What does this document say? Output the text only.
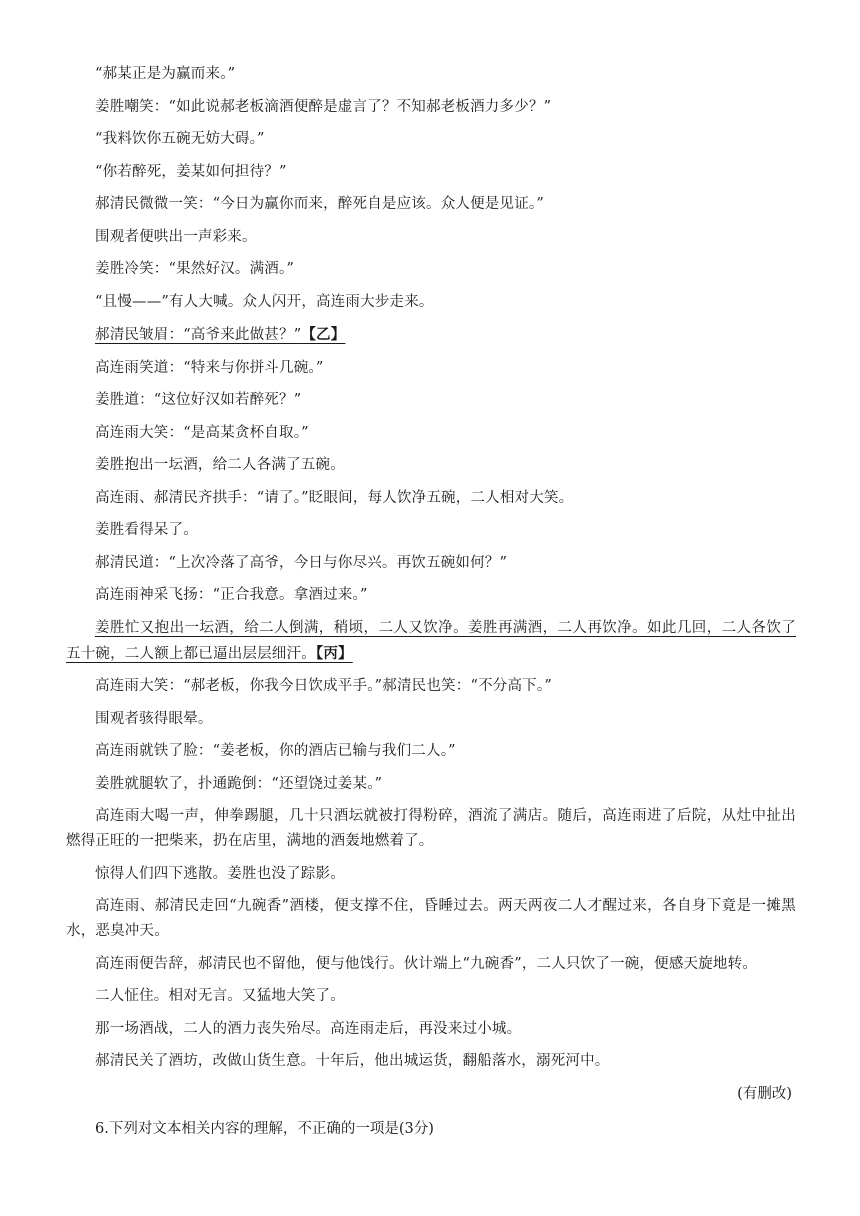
“郝某正是为赢而来。”

姜胜嘲笑：“如此说郝老板滴酒便醉是虚言了？不知郝老板酒力多少？”

“我料饮你五碗无妨大碍。”

“你若醉死，姜某如何担待？”

郝清民微微一笑：“今日为赢你而来，醉死自是应该。众人便是见证。”

围观者便哄出一声彩来。

姜胜冷笑：“果然好汉。满酒。”

“且慢——”有人大喊。众人闪开，高连雨大步走来。

郝清民皱眉：“高爷来此做甚？”【乙】

高连雨笑道：“特来与你拼斗几碗。”

姜胜道：“这位好汉如若醉死？”

高连雨大笑：“是高某贪杯自取。”

姜胜抱出一坛酒，给二人各满了五碗。

高连雨、郝清民齐拱手：“请了。”眨眼间，每人饮净五碗，二人相对大笑。

姜胜看得呆了。

郝清民道：“上次冷落了高爷，今日与你尽兴。再饮五碗如何？”

高连雨神采飞扬：“正合我意。拿酒过来。”

姜胜忙又抱出一坛酒，给二人倒满，稍顷，二人又饮净。姜胜再满酒，二人再饮净。如此几回，二人各饮了五十碗，二人额上都已逼出层层细汗。【丙】

高连雨大笑：“郝老板，你我今日饮成平手。”郝清民也笑：“不分高下。”

围观者骇得眼晕。

高连雨就铁了脸：“姜老板，你的酒店已输与我们二人。”

姜胜就腿软了，扑通跪倒：“还望饶过姜某。”

高连雨大喝一声，伸拳踢腿，几十只酒坛就被打得粉碎，酒流了满店。随后，高连雨进了后院，从灶中扯出燃得正旺的一把柴来，扔在店里，满地的酒轰地燃着了。

惊得人们四下逃散。姜胜也没了踪影。

高连雨、郝清民走回“九碗香”酒楼，便支撑不住，昏睡过去。两天两夜二人才醒过来，各自身下竟是一摊黑水，恶臭冲天。

高连雨便告辞，郝清民也不留他，便与他饯行。伙计端上“九碗香”，二人只饮了一碗，便感天旋地转。

二人怔住。相对无言。又猛地大笑了。

那一场酒战，二人的酒力丧失殆尽。高连雨走后，再没来过小城。

郝清民关了酒坊，改做山货生意。十年后，他出城运货，翻船落水，溺死河中。

(有删改)

6.下列对文本相关内容的理解，不正确的一项是(3分)
